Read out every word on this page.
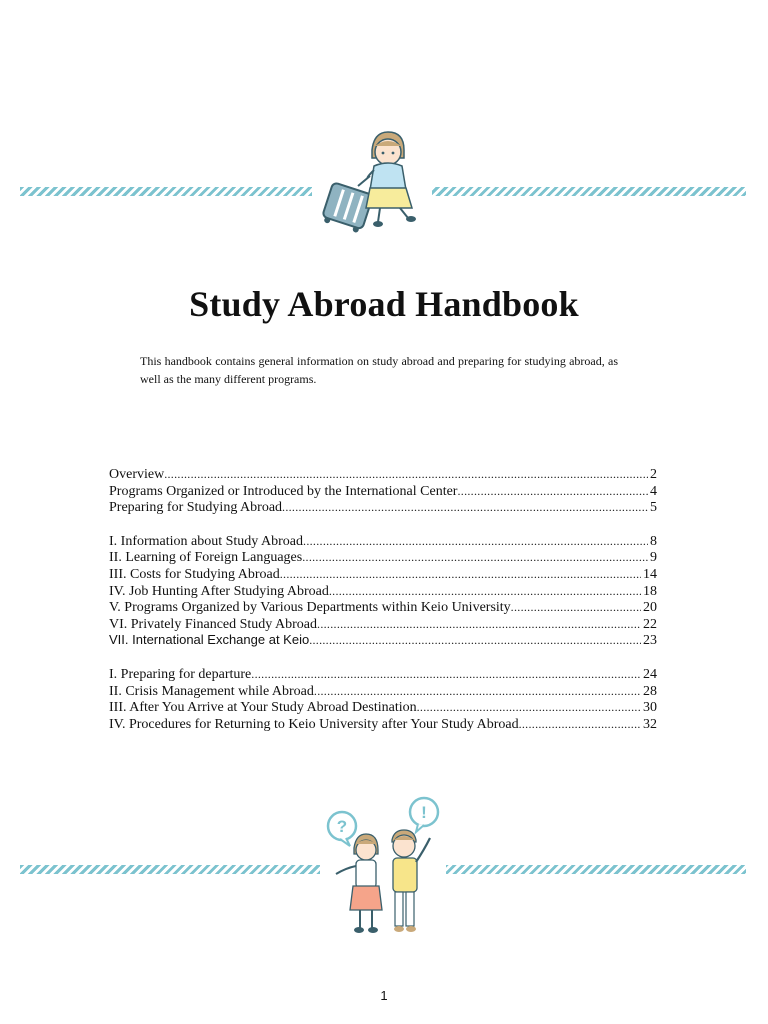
Study Abroad Handbook

This handbook contains general information on study abroad and preparing for studying abroad, as well as the many different programs.

Overview .....	2
Programs Organized or Introduced by the International Center .....	4
Preparing for Studying Abroad .....	5
I. Information about Study Abroad .....	8
II. Learning of Foreign Languages .....	9
III. Costs for Studying Abroad .....	14
IV. Job Hunting After Studying Abroad .....	18
V. Programs Organized by Various Departments within Keio University .....	20
VI. Privately Financed Study Abroad .....	22
VII. International Exchange at Keio .....	23
I. Preparing for departure .....	24
II. Crisis Management while Abroad .....	28
III. After You Arrive at Your Study Abroad Destination .....	30
IV. Procedures for Returning to Keio University after Your Study Abroad .....	32
?
!
1
